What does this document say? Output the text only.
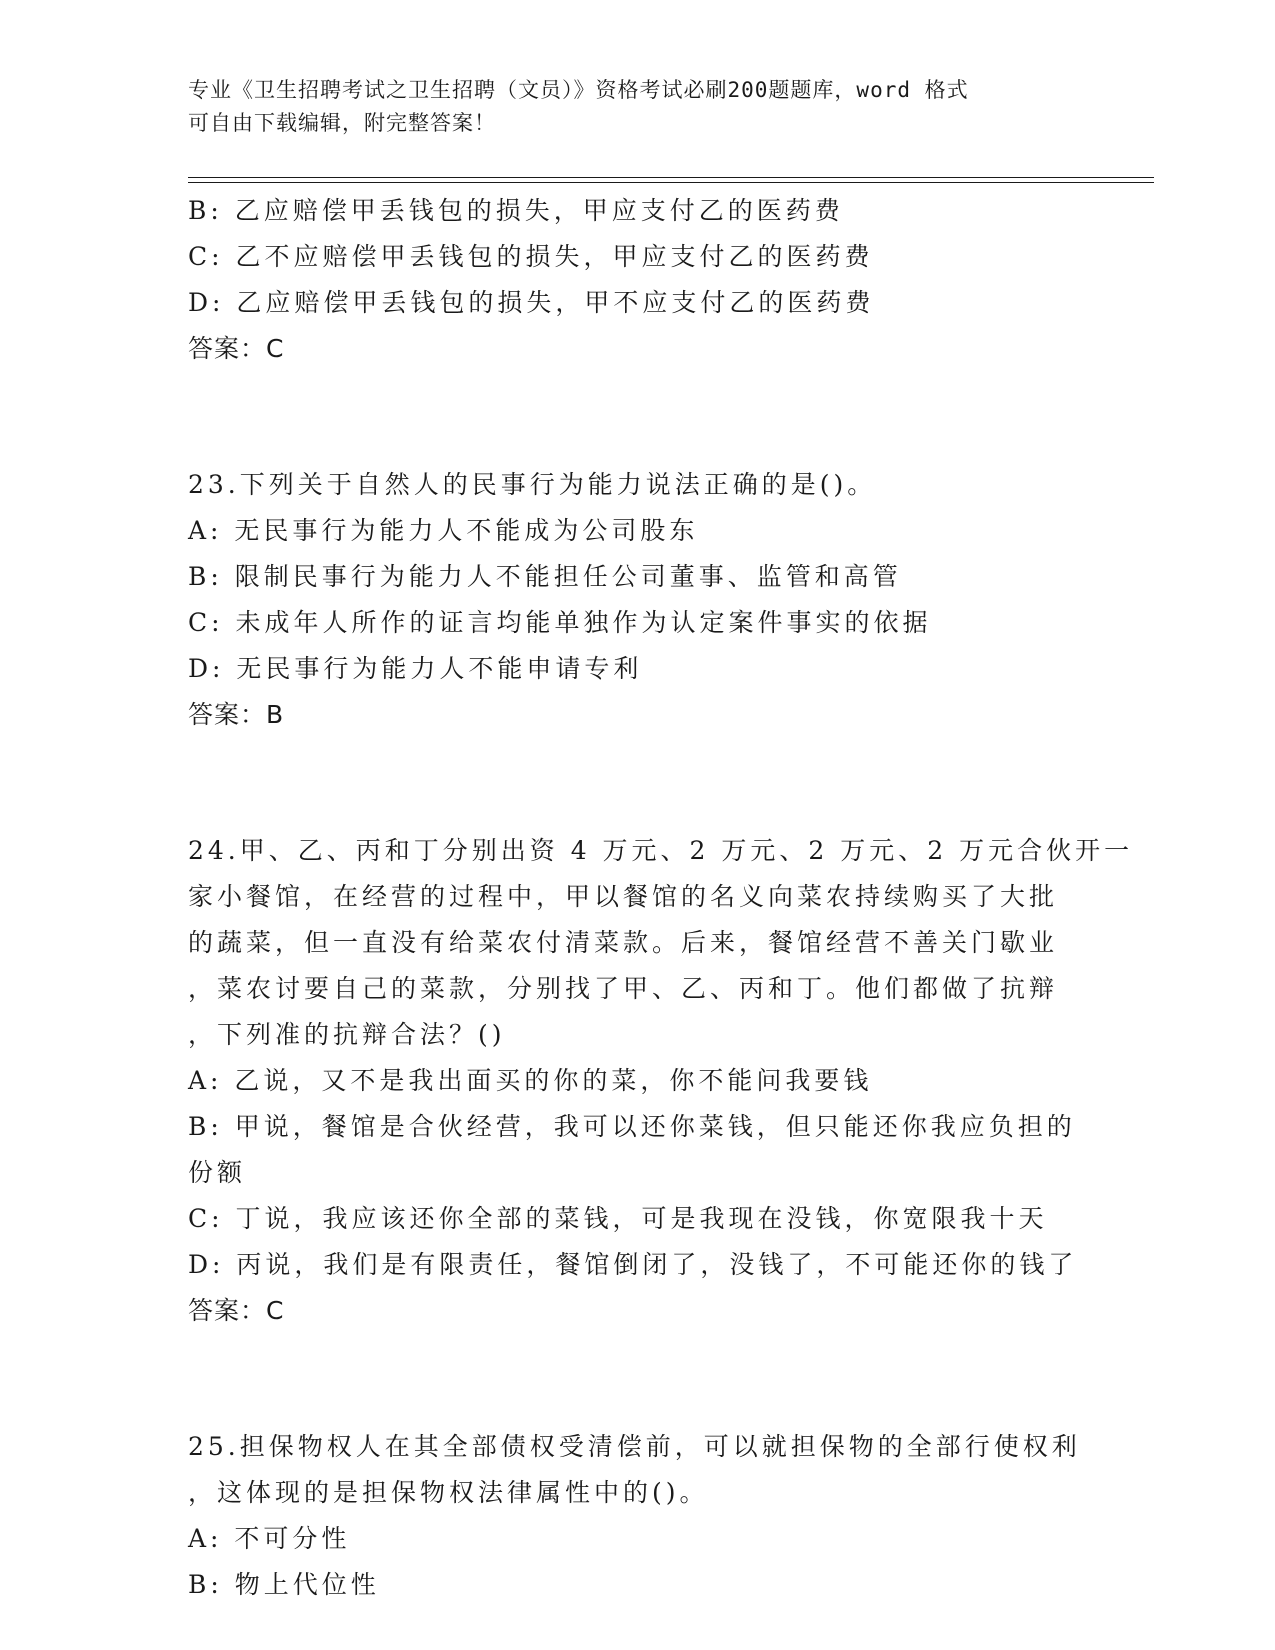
专业《卫生招聘考试之卫生招聘（文员）》资格考试必刷200题题库，word 格式
可自由下载编辑，附完整答案！
B: 乙应赔偿甲丢钱包的损失，甲应支付乙的医药费
C: 乙不应赔偿甲丢钱包的损失，甲应支付乙的医药费
D: 乙应赔偿甲丢钱包的损失，甲不应支付乙的医药费
答案：C
23.下列关于自然人的民事行为能力说法正确的是()。
A: 无民事行为能力人不能成为公司股东
B: 限制民事行为能力人不能担任公司董事、监管和高管
C: 未成年人所作的证言均能单独作为认定案件事实的依据
D: 无民事行为能力人不能申请专利
答案：B
24.甲、乙、丙和丁分别出资 4 万元、2 万元、2 万元、2 万元合伙开一
家小餐馆，在经营的过程中，甲以餐馆的名义向菜农持续购买了大批
的蔬菜，但一直没有给菜农付清菜款。后来，餐馆经营不善关门歇业
，菜农讨要自己的菜款，分别找了甲、乙、丙和丁。他们都做了抗辩
，下列准的抗辩合法？()
A: 乙说，又不是我出面买的你的菜，你不能问我要钱
B: 甲说，餐馆是合伙经营，我可以还你菜钱，但只能还你我应负担的
份额
C: 丁说，我应该还你全部的菜钱，可是我现在没钱，你宽限我十天
D: 丙说，我们是有限责任，餐馆倒闭了，没钱了，不可能还你的钱了
答案：C
25.担保物权人在其全部债权受清偿前，可以就担保物的全部行使权利
，这体现的是担保物权法律属性中的()。
A: 不可分性
B: 物上代位性
